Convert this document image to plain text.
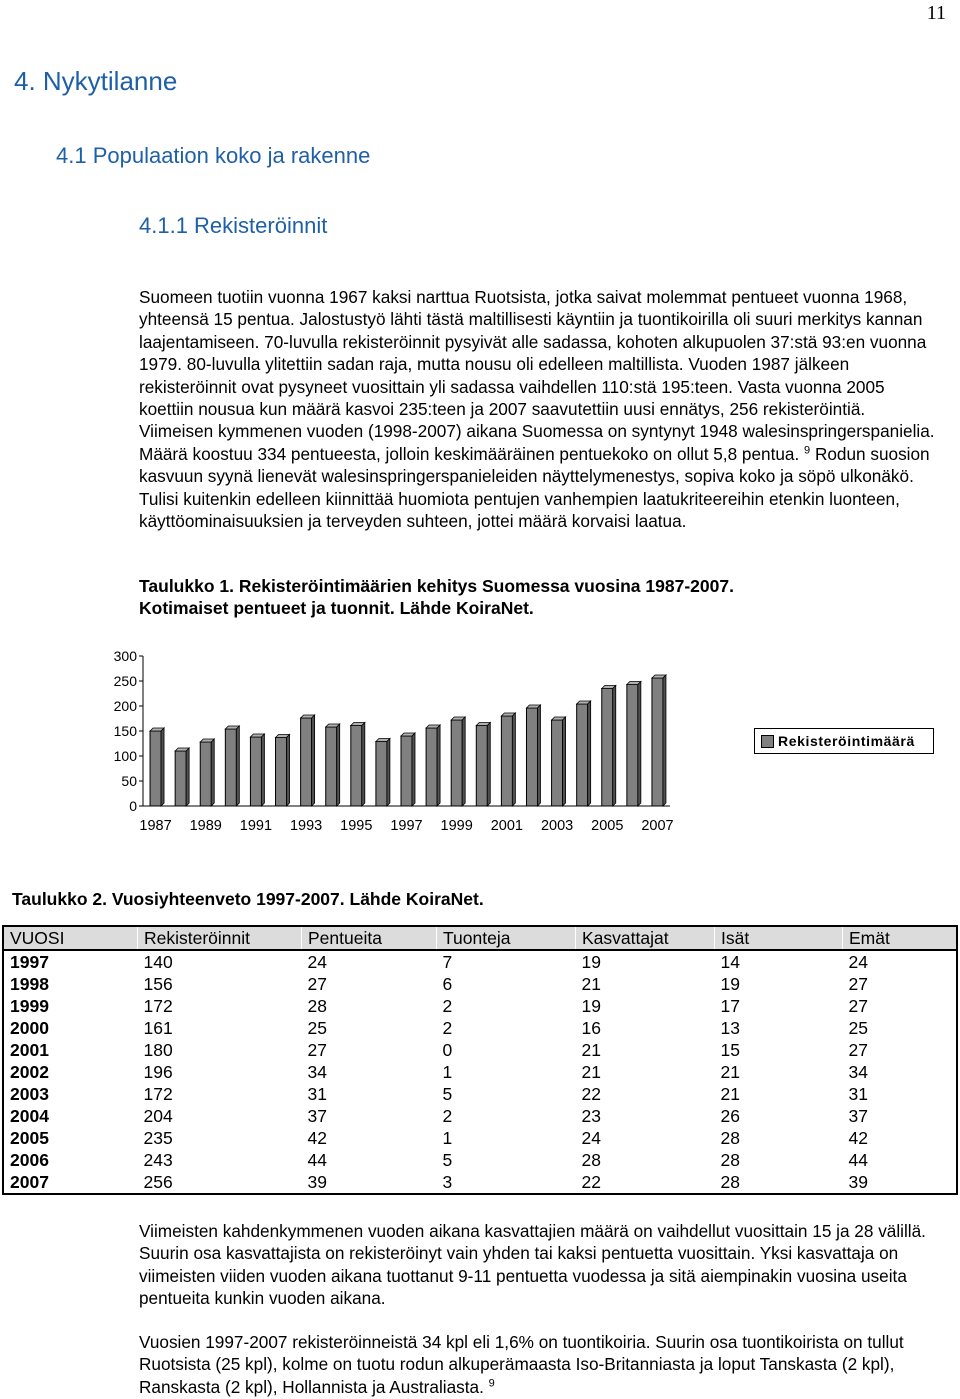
11
4. Nykytilanne
4.1 Populaation koko ja rakenne
4.1.1 Rekisteröinnit
Suomeen tuotiin vuonna 1967 kaksi narttua Ruotsista, jotka saivat molemmat pentueet vuonna 1968, yhteensä 15 pentua. Jalostustyö lähti tästä maltillisesti käyntiin ja tuontikoirilla oli suuri merkitys kannan laajentamiseen. 70-luvulla rekisteröinnit pysyivät alle sadassa, kohoten alkupuolen 37:stä 93:en vuonna 1979. 80-luvulla ylitettiin sadan raja, mutta nousu oli edelleen maltillista. Vuoden 1987 jälkeen rekisteröinnit ovat pysyneet vuosittain yli sadassa vaihdellen 110:stä 195:teen. Vasta vuonna 2005 koettiin nousua kun määrä kasvoi 235:teen ja 2007 saavutettiin uusi ennätys, 256 rekisteröintiä. Viimeisen kymmenen vuoden (1998-2007) aikana Suomessa on syntynyt 1948 walesinspringerspanielia. Määrä koostuu 334 pentueesta, jolloin keskimääräinen pentuekoko on ollut 5,8 pentua. $^9$ Rodun suosion kasvuun syynä lienevät walesinspringerspanieleiden näyttelymenestys, sopiva koko ja söpö ulkonäkö. Tulisi kuitenkin edelleen kiinnittää huomiota pentujen vanhempien laatukriteereihin etenkin luonteen, käyttöominaisuuksien ja terveyden suhteen, jottei määrä korvaisi laatua.
Taulukko 1. Rekisteröintimäärien kehitys Suomessa vuosina 1987-2007.
Kotimaiset pentueet ja tuonnit. Lähde KoiraNet.
0
50
100
150
200
250
300
1987 1989 1991 1993 1995 1997 1999 2001 2003 2005 2007
Rekisteröintimäärä
Taulukko 2. Vuosiyhteenveto 1997-2007. Lähde KoiraNet.
VUOSI	Rekisteröinnit	Pentueita	Tuonteja	Kasvattajat	Isät	Emät
1997	140	24	7	19	14	24
1998	156	27	6	21	19	27
1999	172	28	2	19	17	27
2000	161	25	2	16	13	25
2001	180	27	0	21	15	27
2002	196	34	1	21	21	34
2003	172	31	5	22	21	31
2004	204	37	2	23	26	37
2005	235	42	1	24	28	42
2006	243	44	5	28	28	44
2007	256	39	3	22	28	39
Viimeisten kahdenkymmenen vuoden aikana kasvattajien määrä on vaihdellut vuosittain 15 ja 28 välillä. Suurin osa kasvattajista on rekisteröinyt vain yhden tai kaksi pentuetta vuosittain. Yksi kasvattaja on viimeisten viiden vuoden aikana tuottanut 9-11 pentuetta vuodessa ja sitä aiempinakin vuosina useita pentueita kunkin vuoden aikana.
Vuosien 1997-2007 rekisteröinneistä 34 kpl eli 1,6% on tuontikoiria. Suurin osa tuontikoirista on tullut Ruotsista (25 kpl), kolme on tuotu rodun alkuperämaasta Iso-Britanniasta ja loput Tanskasta (2 kpl), Ranskasta (2 kpl), Hollannista ja Australiasta. $^9$
